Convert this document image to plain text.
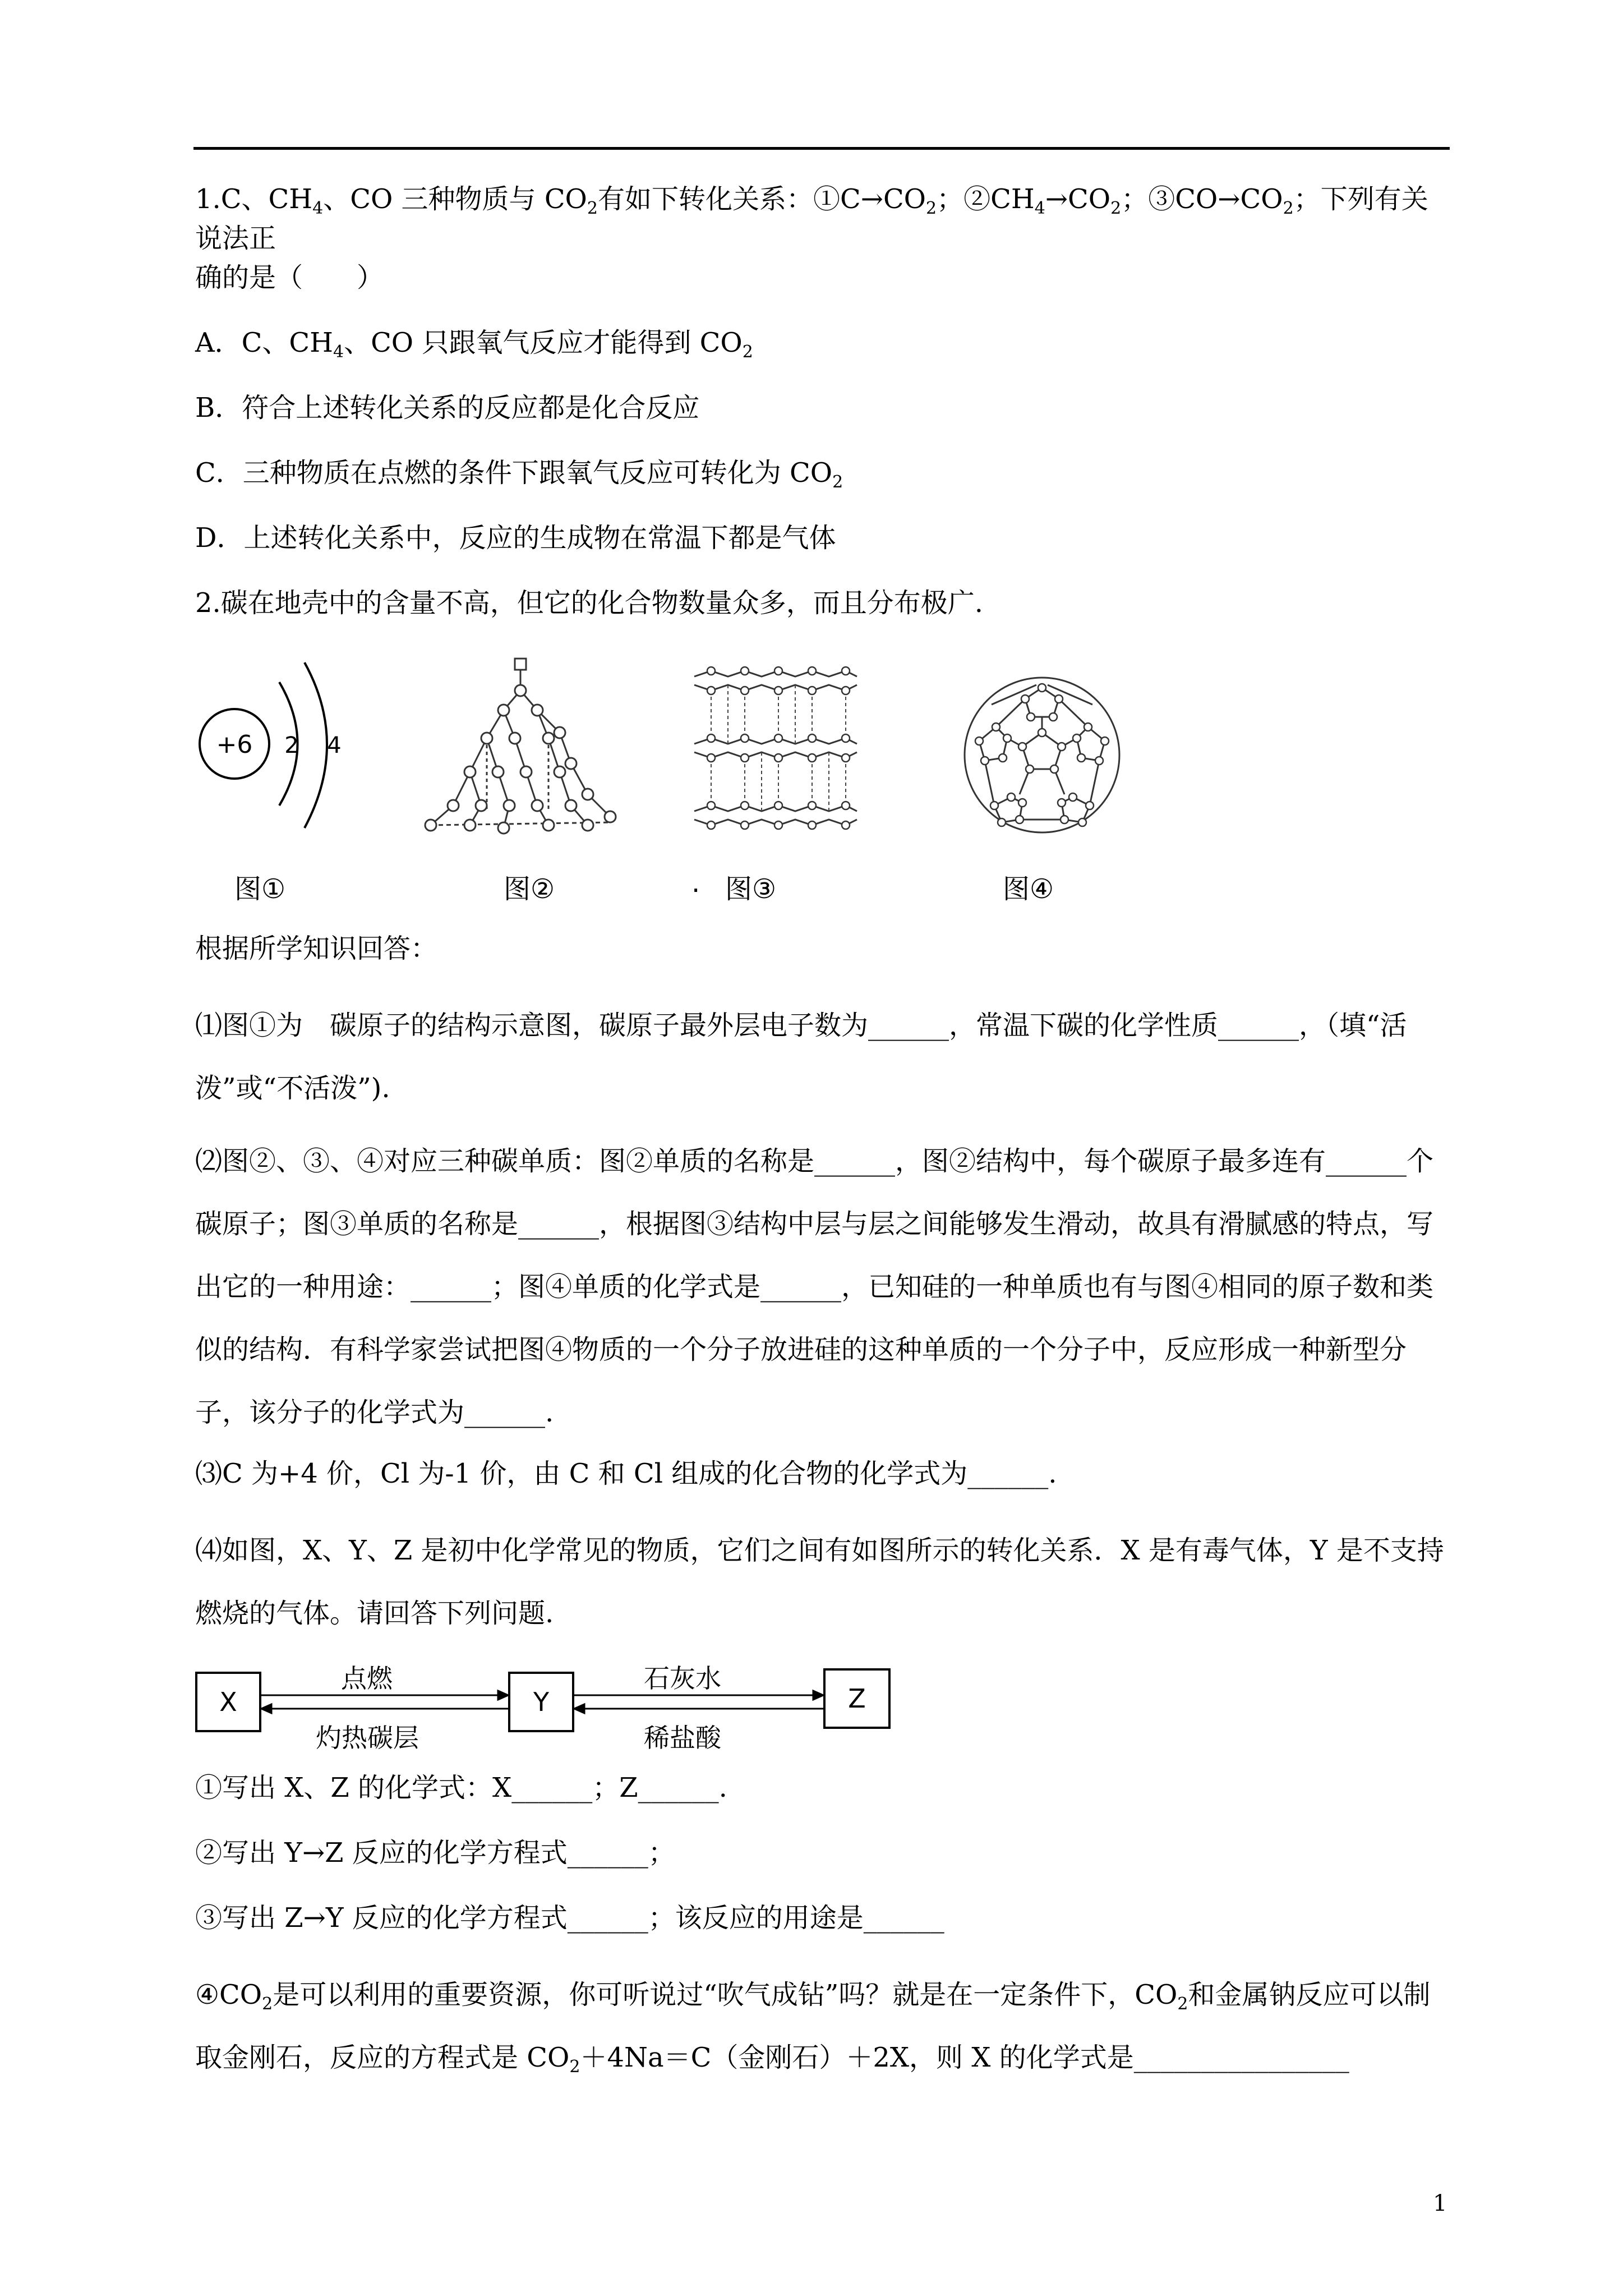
1.C、$CH_4$、CO 三种物质与 $CO_2$有如下转化关系：$①C\to CO_2$；$②CH_4\to CO_2$；$③CO\to CO_2$；下列有关说法正
确的是（　　）

A．C、$CH_4$、CO 只跟氧气反应才能得到 $CO_2$

B．符合上述转化关系的反应都是化合反应

C．三种物质在点燃的条件下跟氧气反应可转化为 $CO_2$

D．上述转化关系中，反应的生成物在常温下都是气体

2.碳在地壳中的含量不高，但它的化合物数量众多，而且分布极广.

+6 2 4
图①	图②	. 图③	图④

根据所学知识回答：

⑴图①为　碳原子的结构示意图，碳原子最外层电子数为______，常温下碳的化学性质______，（填“活泼”或“不活泼”).

⑵图②、③、④对应三种碳单质：图②单质的名称是______，图②结构中，每个碳原子最多连有______个碳原子；图③单质的名称是______，根据图③结构中层与层之间能够发生滑动，故具有滑腻感的特点，写出它的一种用途：______；图④单质的化学式是______，已知硅的一种单质也有与图④相同的原子数和类似的结构．有科学家尝试把图④物质的一个分子放进硅的这种单质的一个分子中，反应形成一种新型分子，该分子的化学式为______.

⑶C 为+4 价，Cl 为-1 价，由 C 和 Cl 组成的化合物的化学式为______.

⑷如图，X、Y、Z 是初中化学常见的物质，它们之间有如图所示的转化关系．X 是有毒气体，Y 是不支持燃烧的气体。请回答下列问题.

X	Y	Z
点燃
灼热碳层
石灰水
稀盐酸

①写出 X、Z 的化学式：X______；Z______.

②写出 Y→Z 反应的化学方程式______；

③写出 Z→Y 反应的化学方程式______；该反应的用途是______

$④CO_2$是可以利用的重要资源，你可听说过“吹气成钻”吗？就是在一定条件下，$CO_2$和金属钠反应可以制取金刚石，反应的方程式是 $CO_2+4Na=C$（金刚石）＋2X，则 X 的化学式是________________

1
